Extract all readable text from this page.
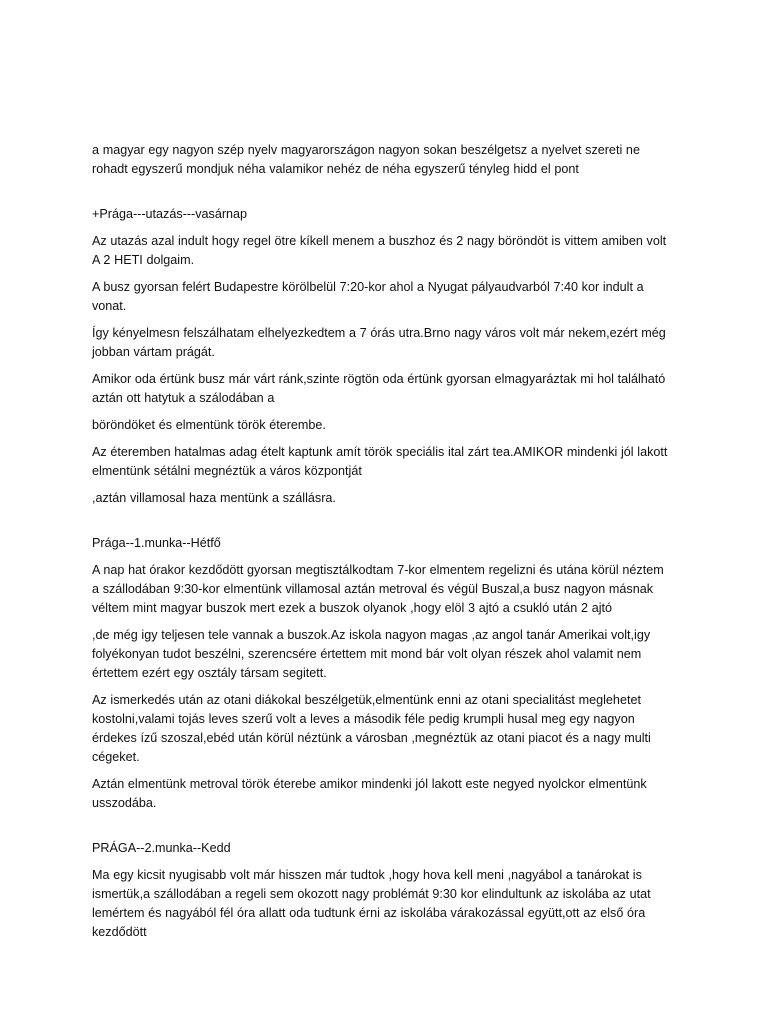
a magyar egy nagyon szép nyelv magyarországon nagyon sokan beszélgetsz a nyelvet szereti ne rohadt egyszerű mondjuk néha valamikor nehéz de néha egyszerű tényleg hidd el pont

+Prága---utazás---vasárnap

Az utazás azal indult hogy regel ötre kíkell menem a buszhoz és 2 nagy böröndöt is vittem amiben volt A 2 HETI dolgaim.

A busz gyorsan felért Budapestre körölbelül 7:20-kor ahol a Nyugat pályaudvarból 7:40 kor indult a vonat.

Így kényelmesn felszálhatam elhelyezkedtem a 7 órás utra.Brno nagy város volt már nekem,ezért még jobban vártam prágát.

Amikor oda értünk busz már várt ránk,szinte rögtön oda értünk gyorsan elmagyaráztak mi hol található aztán ott hatytuk a szálodában a

böröndöket és elmentünk török éterembe.

Az éteremben hatalmas adag ételt kaptunk amít török speciális ital zárt tea.AMIKOR mindenki jól lakott elmentünk sétálni megnéztük a város központját

,aztán villamosal haza mentünk a szállásra.

Prága--1.munka--Hétfő

A nap hat órakor kezdődött gyorsan megtisztálkodtam 7-kor elmentem regelizni és utána körül néztem a szállodában 9:30-kor elmentünk villamosal aztán metroval és végül Buszal,a busz nagyon másnak véltem mint magyar buszok mert ezek a buszok olyanok ,hogy elöl 3 ajtó a csukló után 2 ajtó

,de még igy teljesen tele vannak a buszok.Az iskola nagyon magas ,az angol tanár Amerikai volt,igy folyékonyan tudot beszélni, szerencsére értettem mit mond bár volt olyan részek ahol valamit nem értettem ezért egy osztály társam segitett.

Az ismerkedés után az otani diákokal beszélgetük,elmentünk enni az otani specialitást meglehetet kostolni,valami tojás leves szerű volt a leves a második féle pedig krumpli husal meg egy nagyon érdekes ízű szoszal,ebéd után körül néztünk a városban ,megnéztük az otani piacot és a nagy multi cégeket.

Aztán elmentünk metroval török éterebe amikor mindenki jól lakott este negyed nyolckor elmentünk usszodába.

PRÁGA--2.munka--Kedd

Ma egy kicsit nyugisabb volt már hisszen már tudtok ,hogy hova kell meni ,nagyábol a tanárokat is ismertük,a szállodában a regeli sem okozott nagy problémát 9:30 kor elindultunk az iskolába az utat lemértem és nagyából fél óra allatt oda tudtunk érni az iskolába várakozással együtt,ott az első óra kezdődött
